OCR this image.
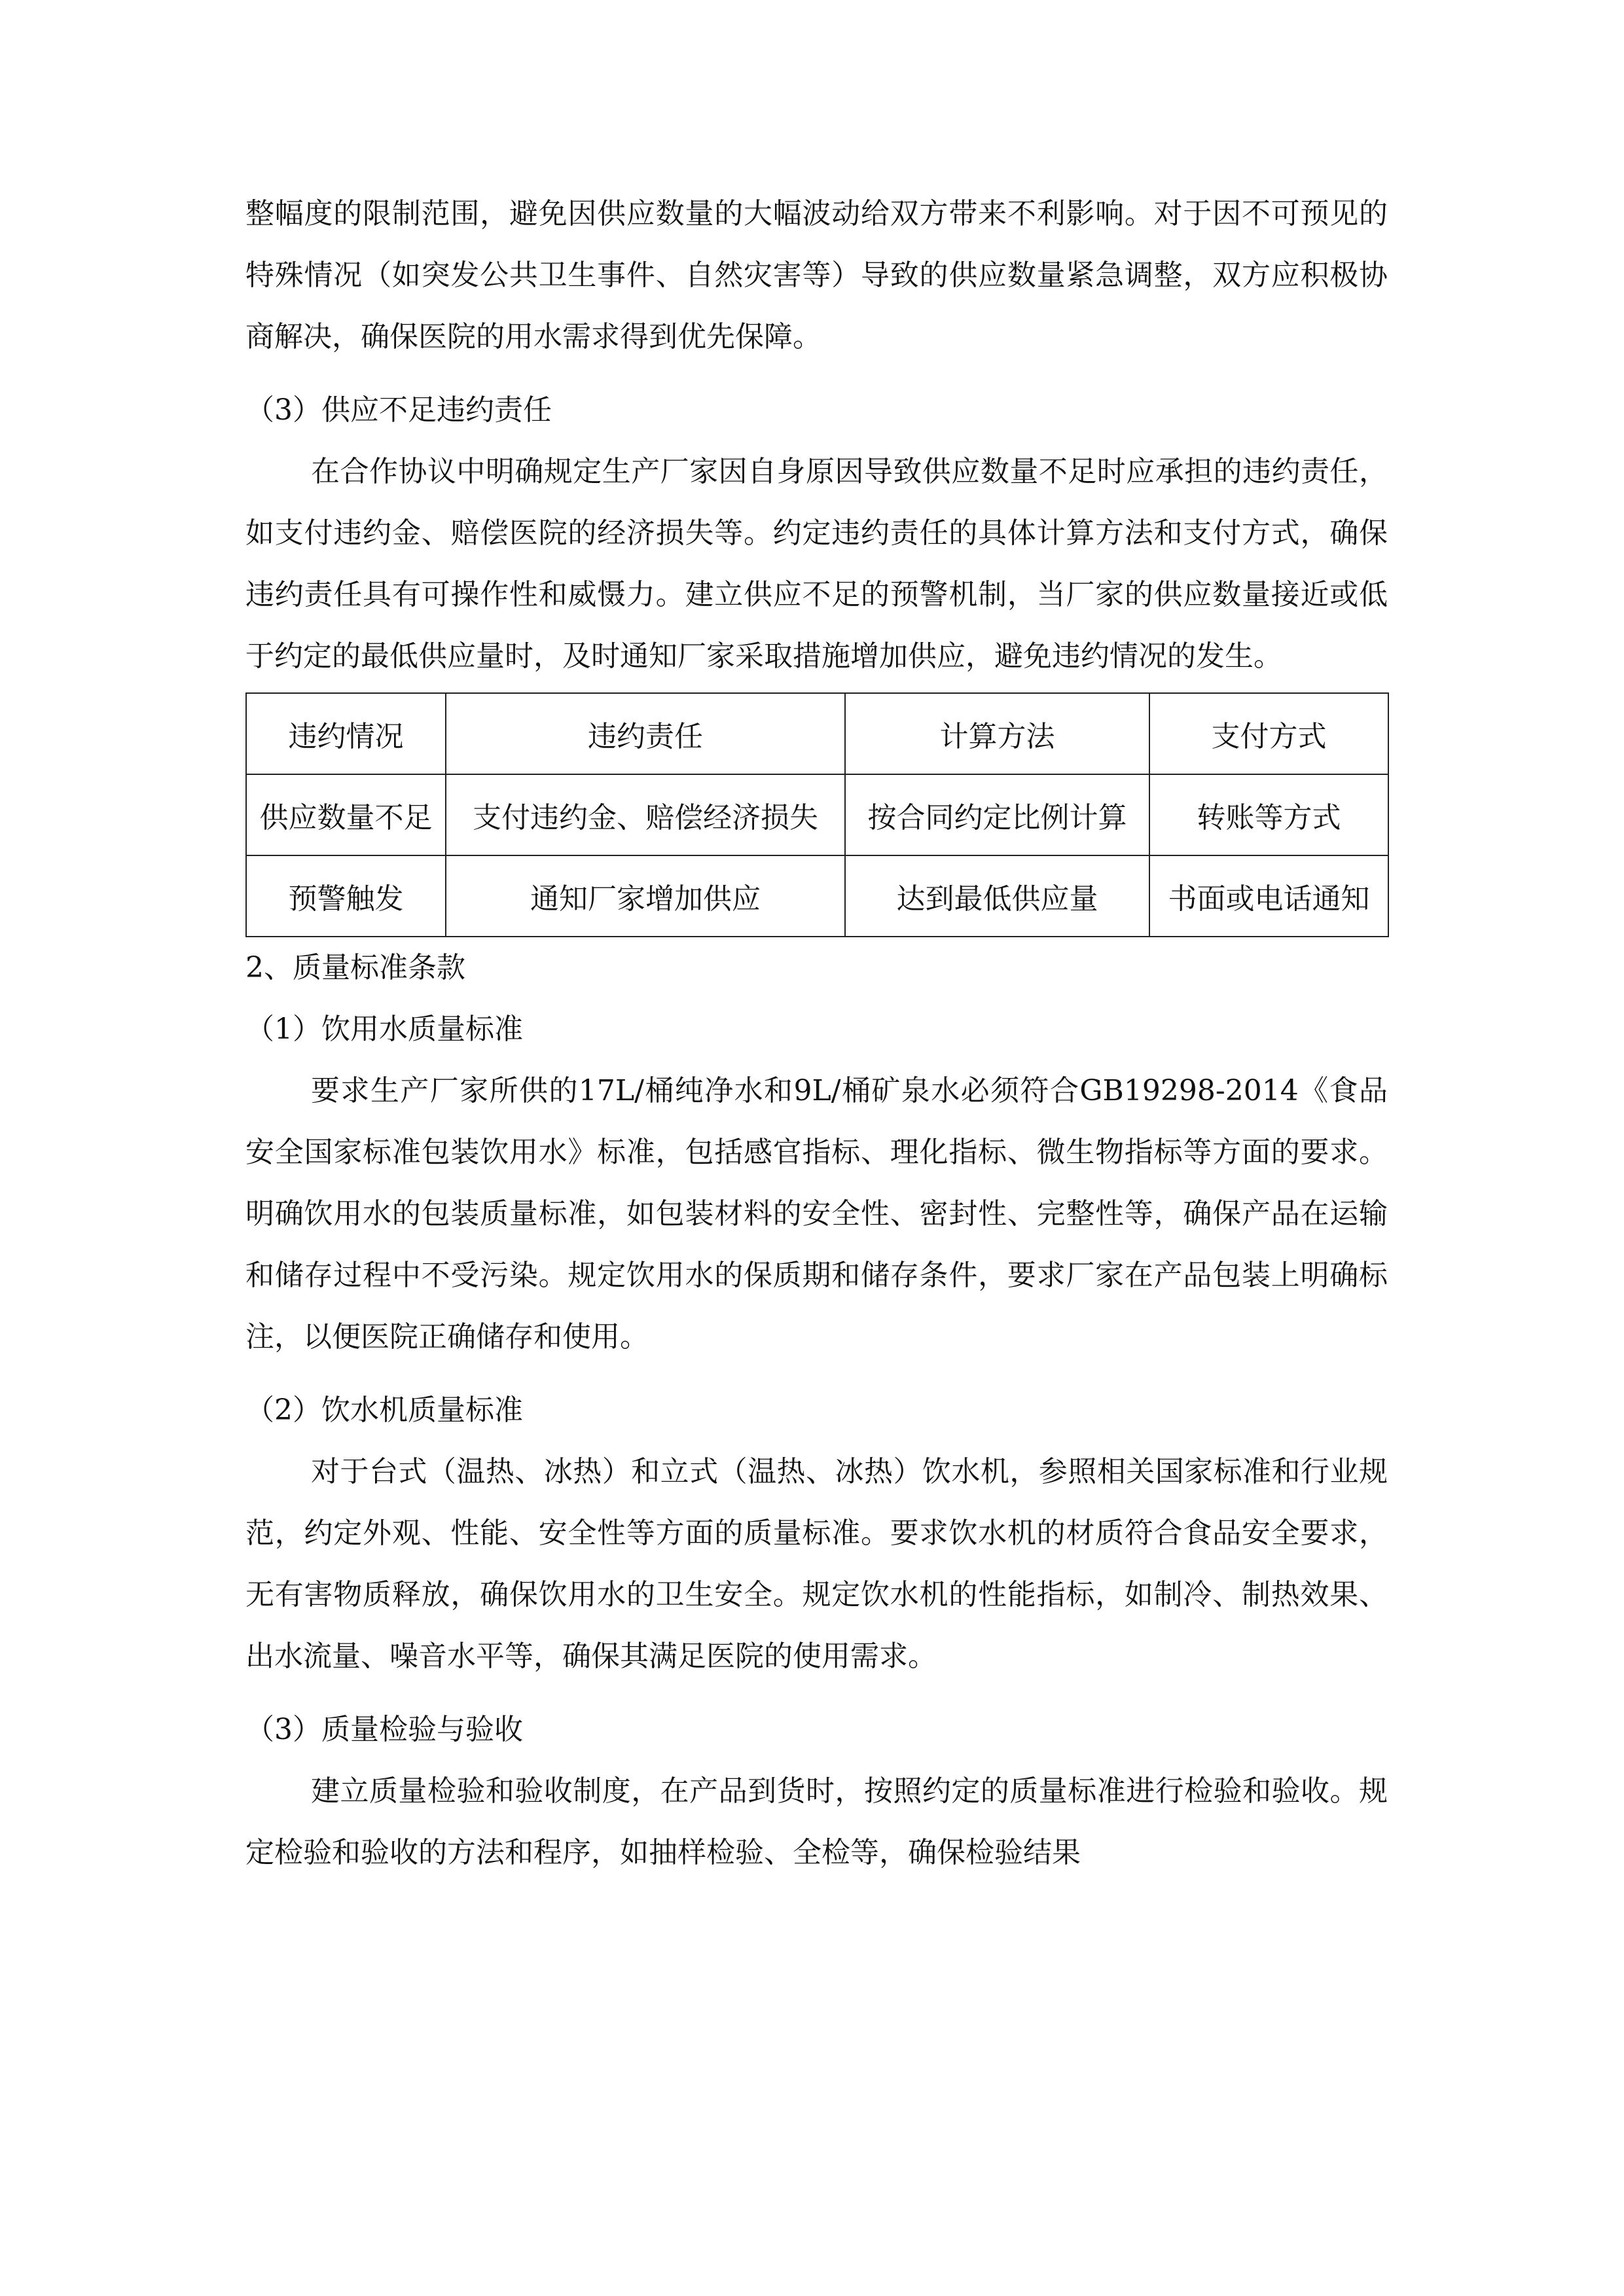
整幅度的限制范围，避免因供应数量的大幅波动给双方带来不利影响。对于因不可预见的特殊情况（如突发公共卫生事件、自然灾害等）导致的供应数量紧急调整，双方应积极协商解决，确保医院的用水需求得到优先保障。

（3）供应不足违约责任

在合作协议中明确规定生产厂家因自身原因导致供应数量不足时应承担的违约责任，如支付违约金、赔偿医院的经济损失等。约定违约责任的具体计算方法和支付方式，确保违约责任具有可操作性和威慑力。建立供应不足的预警机制，当厂家的供应数量接近或低于约定的最低供应量时，及时通知厂家采取措施增加供应，避免违约情况的发生。

违约情况	违约责任	计算方法	支付方式
供应数量不足	支付违约金、赔偿经济损失	按合同约定比例计算	转账等方式
预警触发	通知厂家增加供应	达到最低供应量	书面或电话通知

2、质量标准条款

（1）饮用水质量标准

要求生产厂家所供的17L/桶纯净水和9L/桶矿泉水必须符合GB19298-2014《食品安全国家标准包装饮用水》标准，包括感官指标、理化指标、微生物指标等方面的要求。明确饮用水的包装质量标准，如包装材料的安全性、密封性、完整性等，确保产品在运输和储存过程中不受污染。规定饮用水的保质期和储存条件，要求厂家在产品包装上明确标注，以便医院正确储存和使用。

（2）饮水机质量标准

对于台式（温热、冰热）和立式（温热、冰热）饮水机，参照相关国家标准和行业规范，约定外观、性能、安全性等方面的质量标准。要求饮水机的材质符合食品安全要求，无有害物质释放，确保饮用水的卫生安全。规定饮水机的性能指标，如制冷、制热效果、出水流量、噪音水平等，确保其满足医院的使用需求。

（3）质量检验与验收

建立质量检验和验收制度，在产品到货时，按照约定的质量标准进行检验和验收。规定检验和验收的方法和程序，如抽样检验、全检等，确保检验结果
